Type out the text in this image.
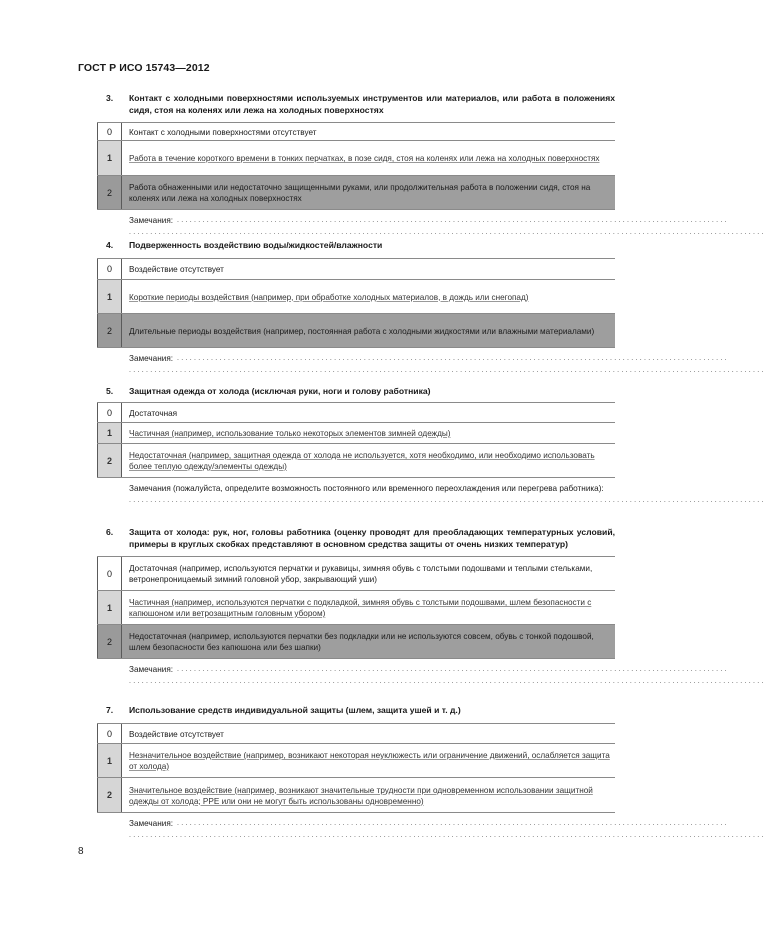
ГОСТ Р ИСО 15743—2012
3. Контакт с холодными поверхностями используемых инструментов или материалов, или работа в положениях сидя, стоя на коленях или лежа на холодных поверхностях
0	Контакт с холодными поверхностями отсутствует
1	Работа в течение короткого времени в тонких перчатках, в позе сидя, стоя на коленях или лежа на холодных поверхностях
2	Работа обнаженными или недостаточно защищенными руками, или продолжительная работа в положении сидя, стоя на коленях или лежа на холодных поверхностях
Замечания: ..................................................................................................................................
......................................................................................................................................................
4. Подверженность воздействию воды/жидкостей/влажности
0	Воздействие отсутствует
1	Короткие периоды воздействия (например, при обработке холодных материалов, в дождь или снегопад)
2	Длительные периоды воздействия (например, постоянная работа с холодными жидкостями или влажными материалами)
Замечания: ..................................................................................................................................
......................................................................................................................................................
5. Защитная одежда от холода (исключая руки, ноги и голову работника)
0	Достаточная
1	Частичная (например, использование только некоторых элементов зимней одежды)
2	Недостаточная (например, защитная одежда от холода не используется, хотя необходимо, или необходимо использовать более теплую одежду/элементы одежды)
Замечания (пожалуйста, определите возможность постоянного или временного переохлаждения или перегрева работника):
......................................................................................................................................................
6. Защита от холода: рук, ног, головы работника (оценку проводят для преобладающих температурных условий, примеры в круглых скобках представляют в основном средства защиты от очень низких температур)
0	Достаточная (например, используются перчатки и рукавицы, зимняя обувь с толстыми подошвами и теплыми стельками, ветронепроницаемый зимний головной убор, закрывающий уши)
1	Частичная (например, используются перчатки с подкладкой, зимняя обувь с толстыми подошвами, шлем безопасности с капюшоном или ветрозащитным головным убором)
2	Недостаточная (например, используются перчатки без подкладки или не используются совсем, обувь с тонкой подошвой, шлем безопасности без капюшона или без шапки)
Замечания: ..................................................................................................................................
......................................................................................................................................................
7. Использование средств индивидуальной защиты (шлем, защита ушей и т. д.)
0	Воздействие отсутствует
1	Незначительное воздействие (например, возникают некоторая неуклюжесть или ограничение движений, ослабляется защита от холода)
2	Значительное воздействие (например, возникают значительные трудности при одновременном использовании защитной одежды от холода; PPE или они не могут быть использованы одновременно)
Замечания: ..................................................................................................................................
......................................................................................................................................................
8
